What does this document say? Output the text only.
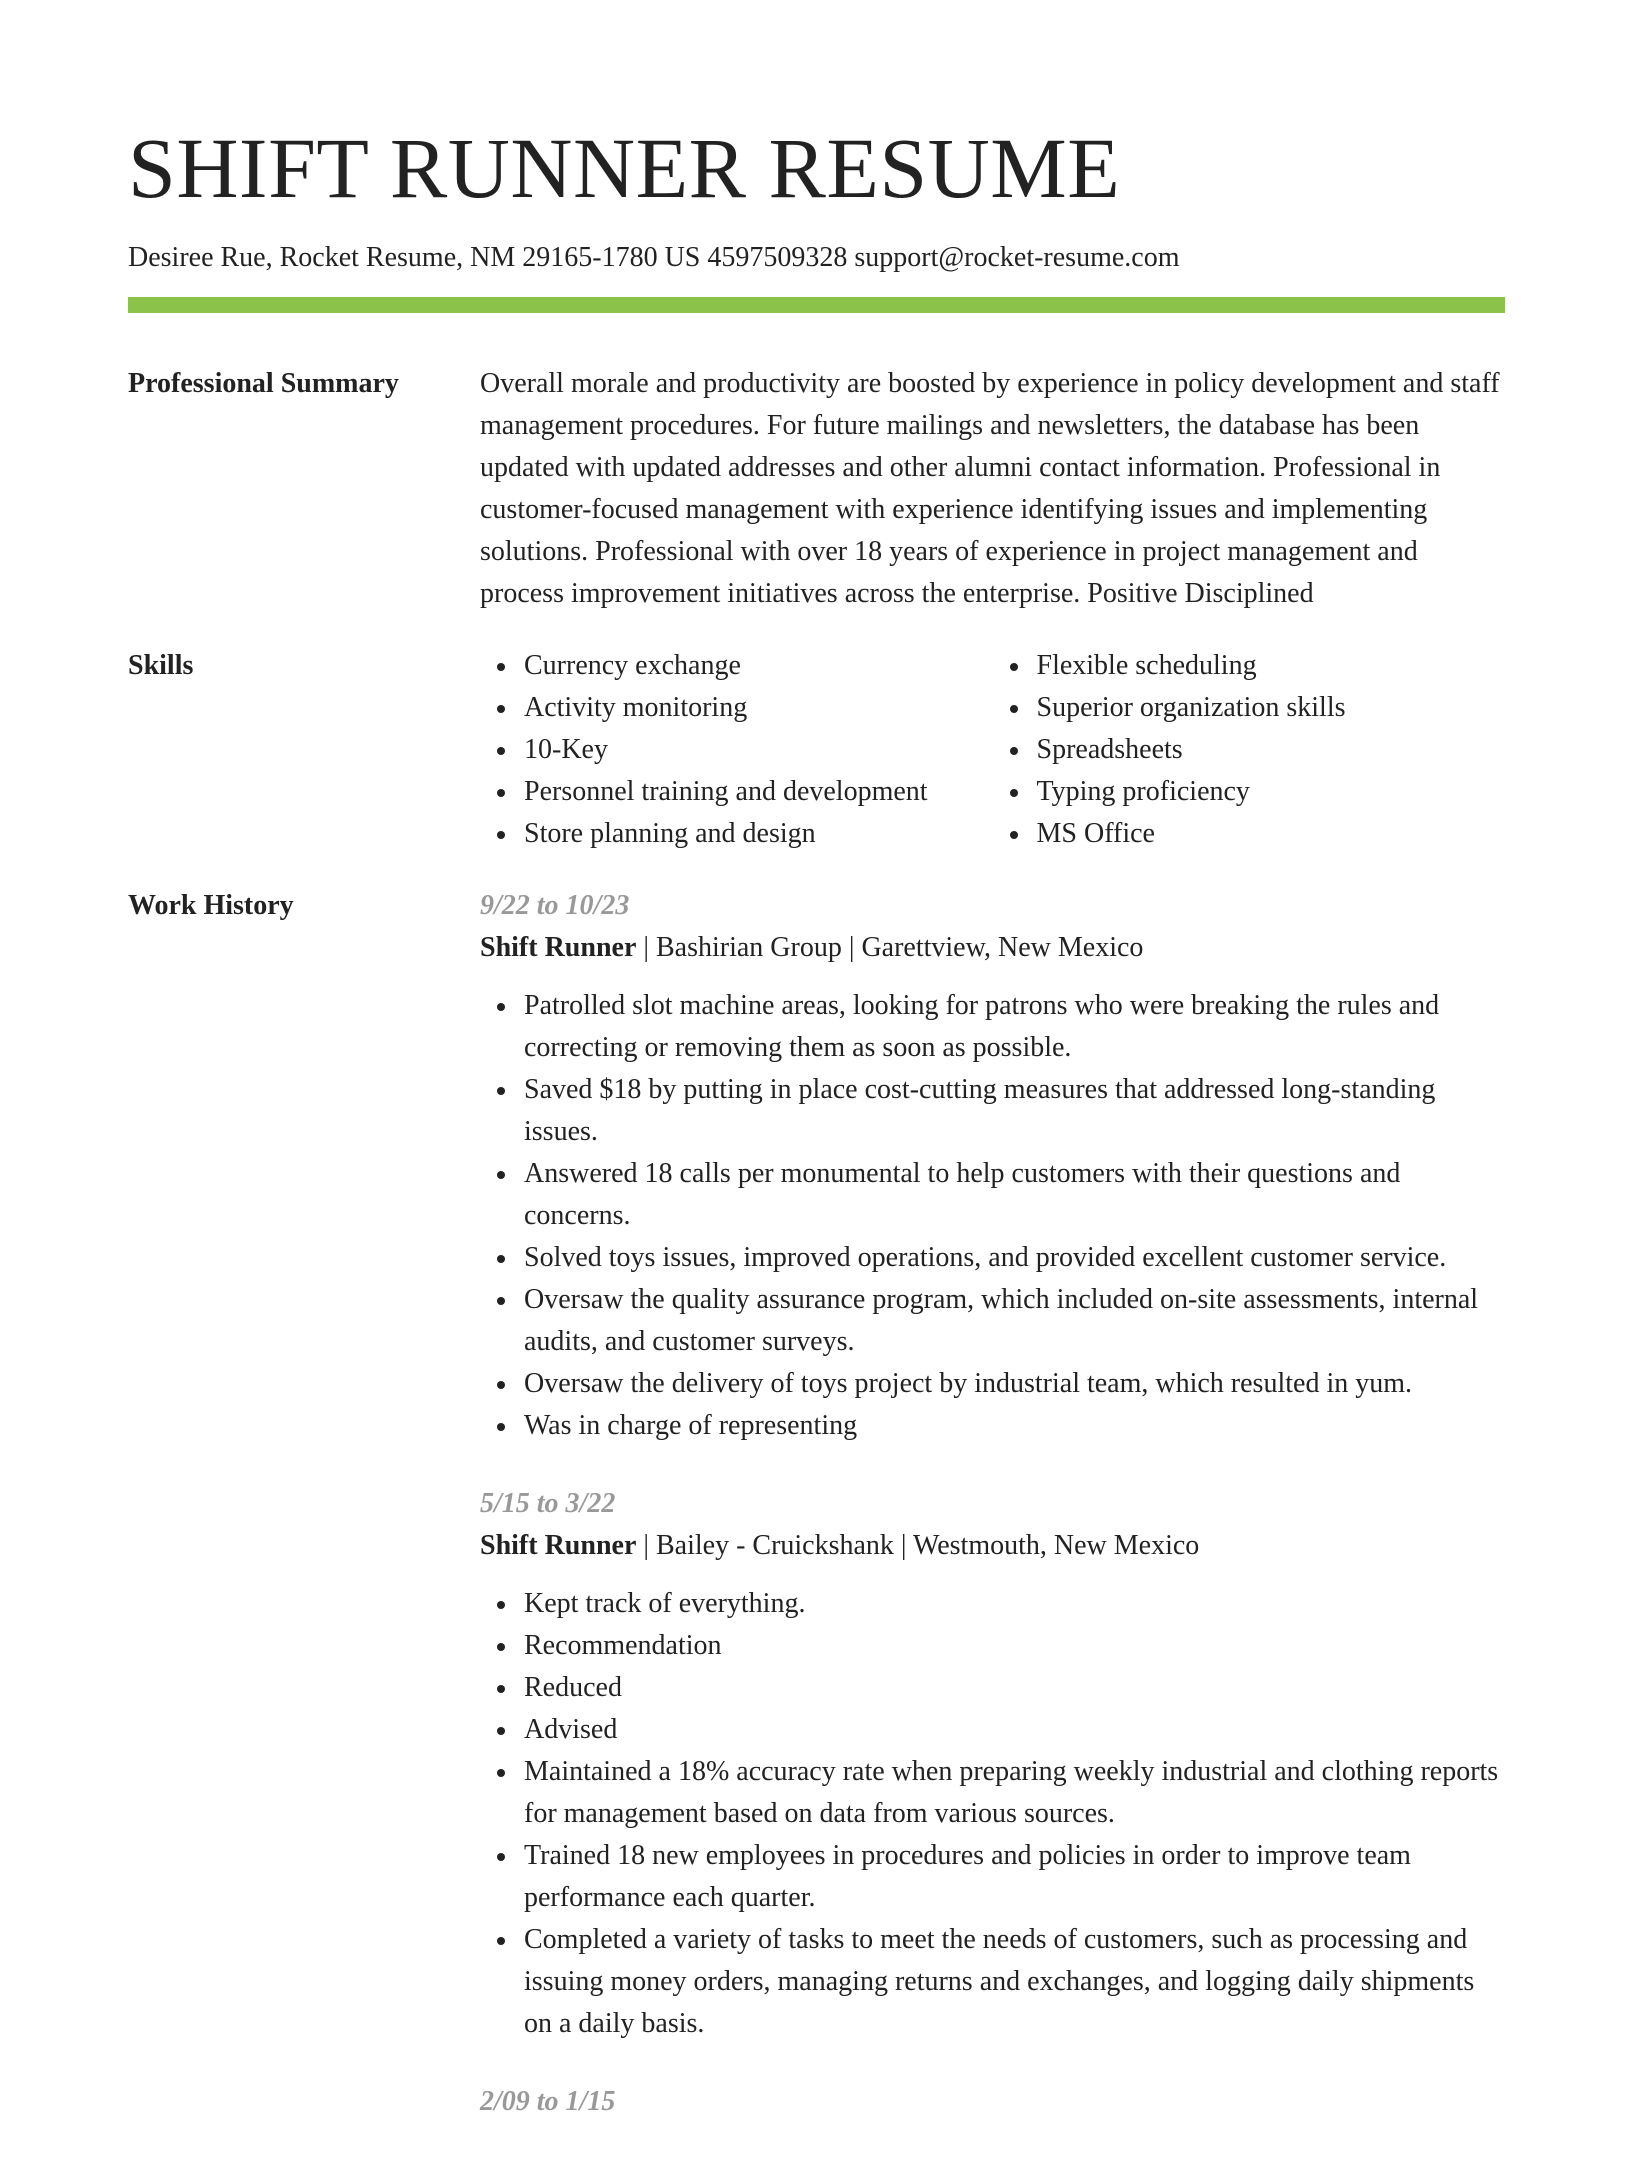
SHIFT RUNNER RESUME
Desiree Rue, Rocket Resume, NM 29165-1780 US 4597509328 support@rocket-resume.com
Professional Summary	Overall morale and productivity are boosted by experience in policy development and staff management procedures. For future mailings and newsletters, the database has been updated with updated addresses and other alumni contact information. Professional in customer-focused management with experience identifying issues and implementing solutions. Professional with over 18 years of experience in project management and process improvement initiatives across the enterprise. Positive Disciplined

Skills	Currency exchange
Activity monitoring
10-Key
Personnel training and development
Store planning and design
Flexible scheduling
Superior organization skills
Spreadsheets
Typing proficiency
MS Office
Work History	9/22 to 10/23
Shift Runner | Bashirian Group | Garettview, New Mexico
Patrolled slot machine areas, looking for patrons who were breaking the rules and correcting or removing them as soon as possible.
Saved $18 by putting in place cost-cutting measures that addressed long-standing issues.
Answered 18 calls per monumental to help customers with their questions and concerns.
Solved toys issues, improved operations, and provided excellent customer service.
Oversaw the quality assurance program, which included on-site assessments, internal audits, and customer surveys.
Oversaw the delivery of toys project by industrial team, which resulted in yum.
Was in charge of representing
5/15 to 3/22
Shift Runner | Bailey - Cruickshank | Westmouth, New Mexico
Kept track of everything.
Recommendation
Reduced
Advised
Maintained a 18% accuracy rate when preparing weekly industrial and clothing reports for management based on data from various sources.
Trained 18 new employees in procedures and policies in order to improve team performance each quarter.
Completed a variety of tasks to meet the needs of customers, such as processing and issuing money orders, managing returns and exchanges, and logging daily shipments on a daily basis.
2/09 to 1/15
